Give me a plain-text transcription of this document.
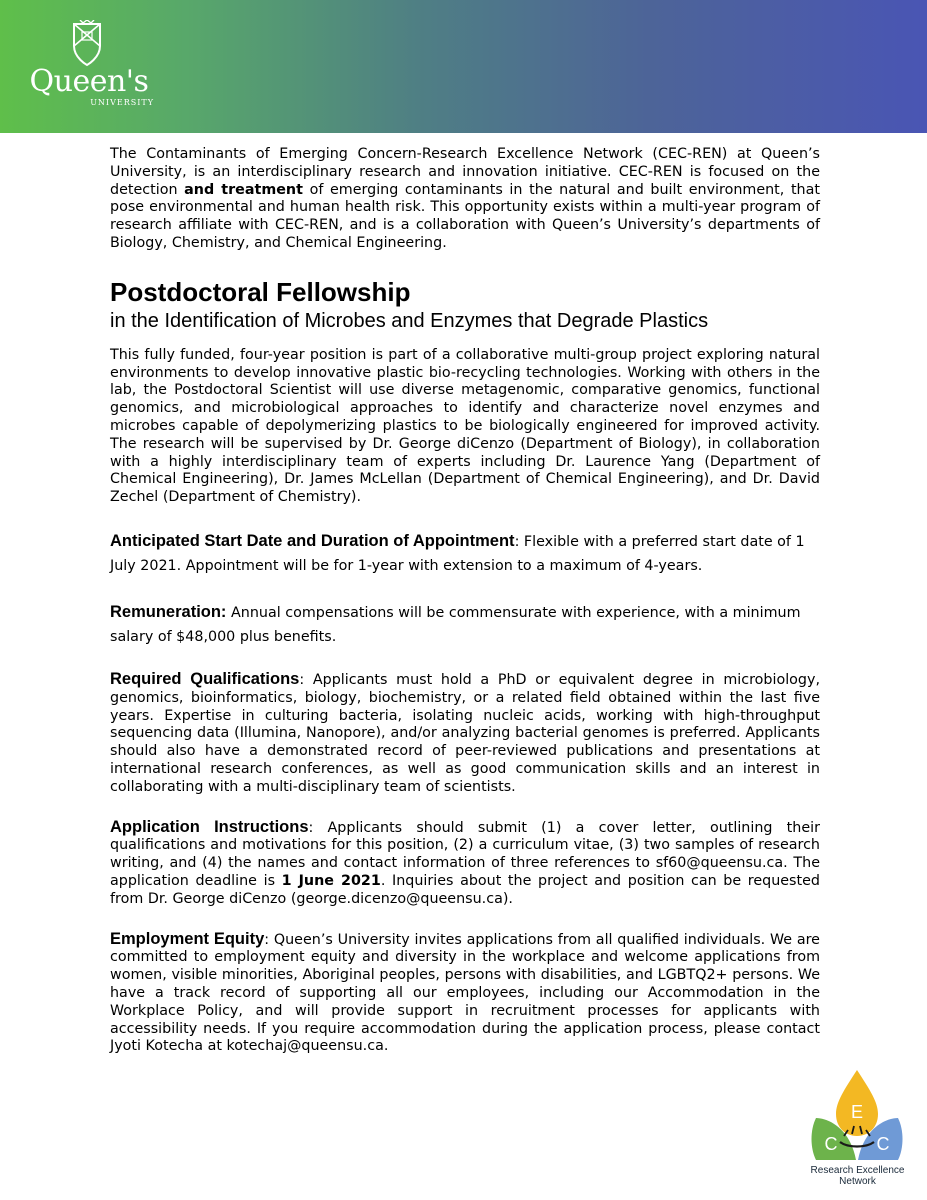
Queen's
UNIVERSITY

The Contaminants of Emerging Concern-Research Excellence Network (CEC-REN) at Queen’s University, is an interdisciplinary research and innovation initiative. CEC-REN is focused on the detection and treatment of emerging contaminants in the natural and built environment, that pose environmental and human health risk. This opportunity exists within a multi-year program of research affiliate with CEC-REN, and is a collaboration with Queen’s University’s departments of Biology, Chemistry, and Chemical Engineering.

Postdoctoral Fellowship
in the Identification of Microbes and Enzymes that Degrade Plastics

This fully funded, four-year position is part of a collaborative multi-group project exploring natural environments to develop innovative plastic bio-recycling technologies. Working with others in the lab, the Postdoctoral Scientist will use diverse metagenomic, comparative genomics, functional genomics, and microbiological approaches to identify and characterize novel enzymes and microbes capable of depolymerizing plastics to be biologically engineered for improved activity. The research will be supervised by Dr. George diCenzo (Department of Biology), in collaboration with a highly interdisciplinary team of experts including Dr. Laurence Yang (Department of Chemical Engineering), Dr. James McLellan (Department of Chemical Engineering), and Dr. David Zechel (Department of Chemistry).

Anticipated Start Date and Duration of Appointment: Flexible with a preferred start date of 1 July 2021. Appointment will be for 1-year with extension to a maximum of 4-years.

Remuneration: Annual compensations will be commensurate with experience, with a minimum salary of $48,000 plus benefits.

Required Qualifications: Applicants must hold a PhD or equivalent degree in microbiology, genomics, bioinformatics, biology, biochemistry, or a related field obtained within the last five years. Expertise in culturing bacteria, isolating nucleic acids, working with high-throughput sequencing data (Illumina, Nanopore), and/or analyzing bacterial genomes is preferred. Applicants should also have a demonstrated record of peer-reviewed publications and presentations at international research conferences, as well as good communication skills and an interest in collaborating with a multi-disciplinary team of scientists.

Application Instructions: Applicants should submit (1) a cover letter, outlining their qualifications and motivations for this position, (2) a curriculum vitae, (3) two samples of research writing, and (4) the names and contact information of three references to sf60@queensu.ca. The application deadline is 1 June 2021. Inquiries about the project and position can be requested from Dr. George diCenzo (george.dicenzo@queensu.ca).

Employment Equity: Queen’s University invites applications from all qualified individuals. We are committed to employment equity and diversity in the workplace and welcome applications from women, visible minorities, Aboriginal peoples, persons with disabilities, and LGBTQ2+ persons. We have a track record of supporting all our employees, including our Accommodation in the Workplace Policy, and will provide support in recruitment processes for applicants with accessibility needs. If you require accommodation during the application process, please contact Jyoti Kotecha at kotechaj@queensu.ca.

E
C C
Research Excellence
Network
